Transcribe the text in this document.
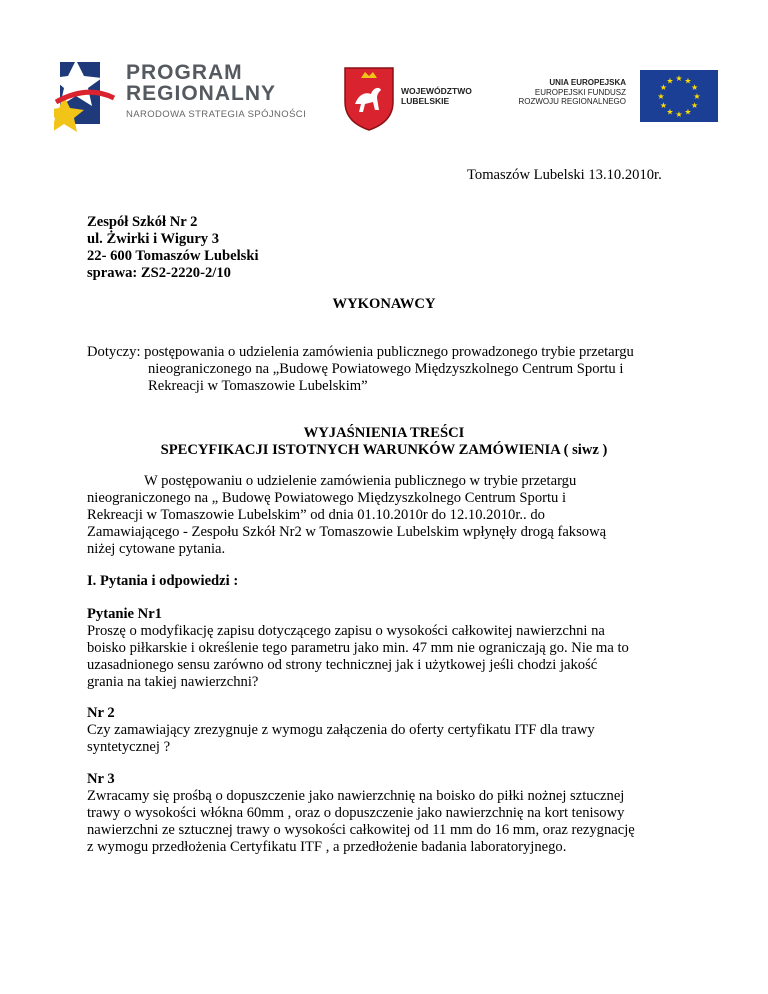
PROGRAM
REGIONALNY
NARODOWA STRATEGIA SPÓJNOŚCI
WOJEWÓDZTWO
LUBELSKIE
UNIA EUROPEJSKA
EUROPEJSKI FUNDUSZ
ROZWOJU REGIONALNEGO
★ ★
★
★
★
★
★
★
★
★
★
★
Tomaszów Lubelski 13.10.2010r.
Zespół Szkół Nr 2
ul. Żwirki i Wigury 3
22- 600 Tomaszów Lubelski
sprawa: ZS2-2220-2/10
WYKONAWCY
Dotyczy: postępowania o udzielenia zamówienia publicznego prowadzonego trybie przetargu
nieograniczonego na „Budowę Powiatowego Międzyszkolnego Centrum Sportu i
Rekreacji w Tomaszowie Lubelskim”
WYJAŚNIENIA TREŚCI
SPECYFIKACJI ISTOTNYCH WARUNKÓW ZAMÓWIENIA ( siwz )
W postępowaniu o udzielenie zamówienia publicznego w trybie przetargu
nieograniczonego na „ Budowę Powiatowego Międzyszkolnego Centrum Sportu i
Rekreacji w Tomaszowie Lubelskim” od dnia 01.10.2010r do 12.10.2010r.. do
Zamawiającego - Zespołu Szkół Nr2 w Tomaszowie Lubelskim wpłynęły drogą faksową
niżej cytowane pytania.
I. Pytania i odpowiedzi :
Pytanie Nr1
Proszę o modyfikację zapisu dotyczącego zapisu o wysokości całkowitej nawierzchni na
boisko piłkarskie i określenie tego parametru jako min. 47 mm nie ograniczają go. Nie ma to
uzasadnionego sensu zarówno od strony technicznej jak i użytkowej jeśli chodzi jakość
grania na takiej nawierzchni?
Nr 2
Czy zamawiający zrezygnuje z wymogu załączenia do oferty certyfikatu ITF dla trawy
syntetycznej ?
Nr 3
Zwracamy się prośbą o dopuszczenie jako nawierzchnię na boisko do piłki nożnej sztucznej
trawy o wysokości włókna 60mm , oraz o dopuszczenie jako nawierzchnię na kort tenisowy
nawierzchni ze sztucznej trawy o wysokości całkowitej od 11 mm do 16 mm, oraz rezygnację
z wymogu przedłożenia Certyfikatu ITF , a przedłożenie badania laboratoryjnego.
